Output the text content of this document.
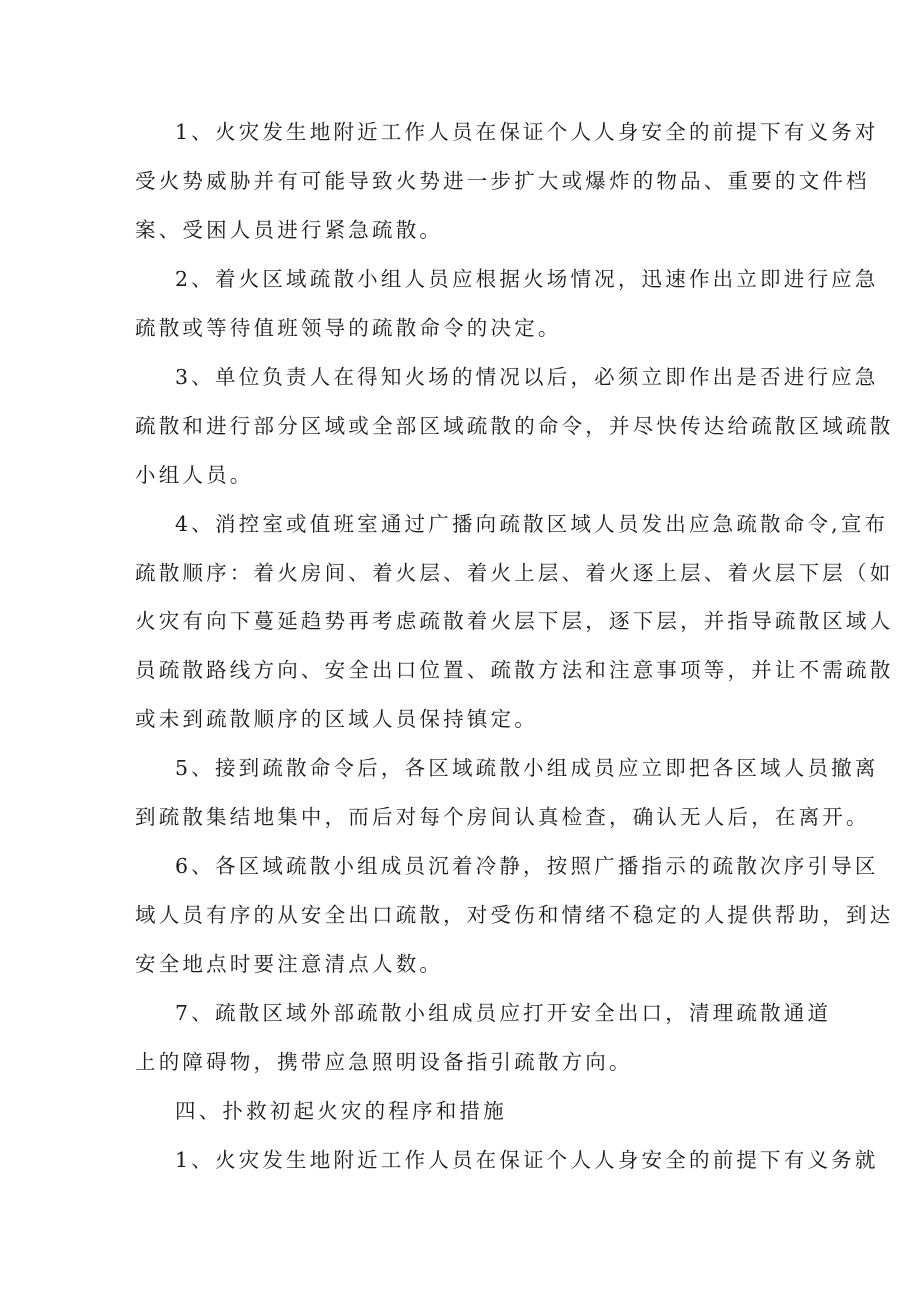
1、火灾发生地附近工作人员在保证个人人身安全的前提下有义务对

受火势威胁并有可能导致火势进一步扩大或爆炸的物品、重要的文件档

案、受困人员进行紧急疏散。

2、着火区域疏散小组人员应根据火场情况，迅速作出立即进行应急

疏散或等待值班领导的疏散命令的决定。

3、单位负责人在得知火场的情况以后，必须立即作出是否进行应急

疏散和进行部分区域或全部区域疏散的命令，并尽快传达给疏散区域疏散

小组人员。

4、消控室或值班室通过广播向疏散区域人员发出应急疏散命令,宣布

疏散顺序：着火房间、着火层、着火上层、着火逐上层、着火层下层（如

火灾有向下蔓延趋势再考虑疏散着火层下层，逐下层，并指导疏散区域人

员疏散路线方向、安全出口位置、疏散方法和注意事项等，并让不需疏散

或未到疏散顺序的区域人员保持镇定。

5、接到疏散命令后，各区域疏散小组成员应立即把各区域人员撤离

到疏散集结地集中，而后对每个房间认真检查，确认无人后，在离开。

6、各区域疏散小组成员沉着冷静，按照广播指示的疏散次序引导区

域人员有序的从安全出口疏散，对受伤和情绪不稳定的人提供帮助，到达

安全地点时要注意清点人数。

7、疏散区域外部疏散小组成员应打开安全出口，清理疏散通道

上的障碍物，携带应急照明设备指引疏散方向。

四、扑救初起火灾的程序和措施

1、火灾发生地附近工作人员在保证个人人身安全的前提下有义务就
